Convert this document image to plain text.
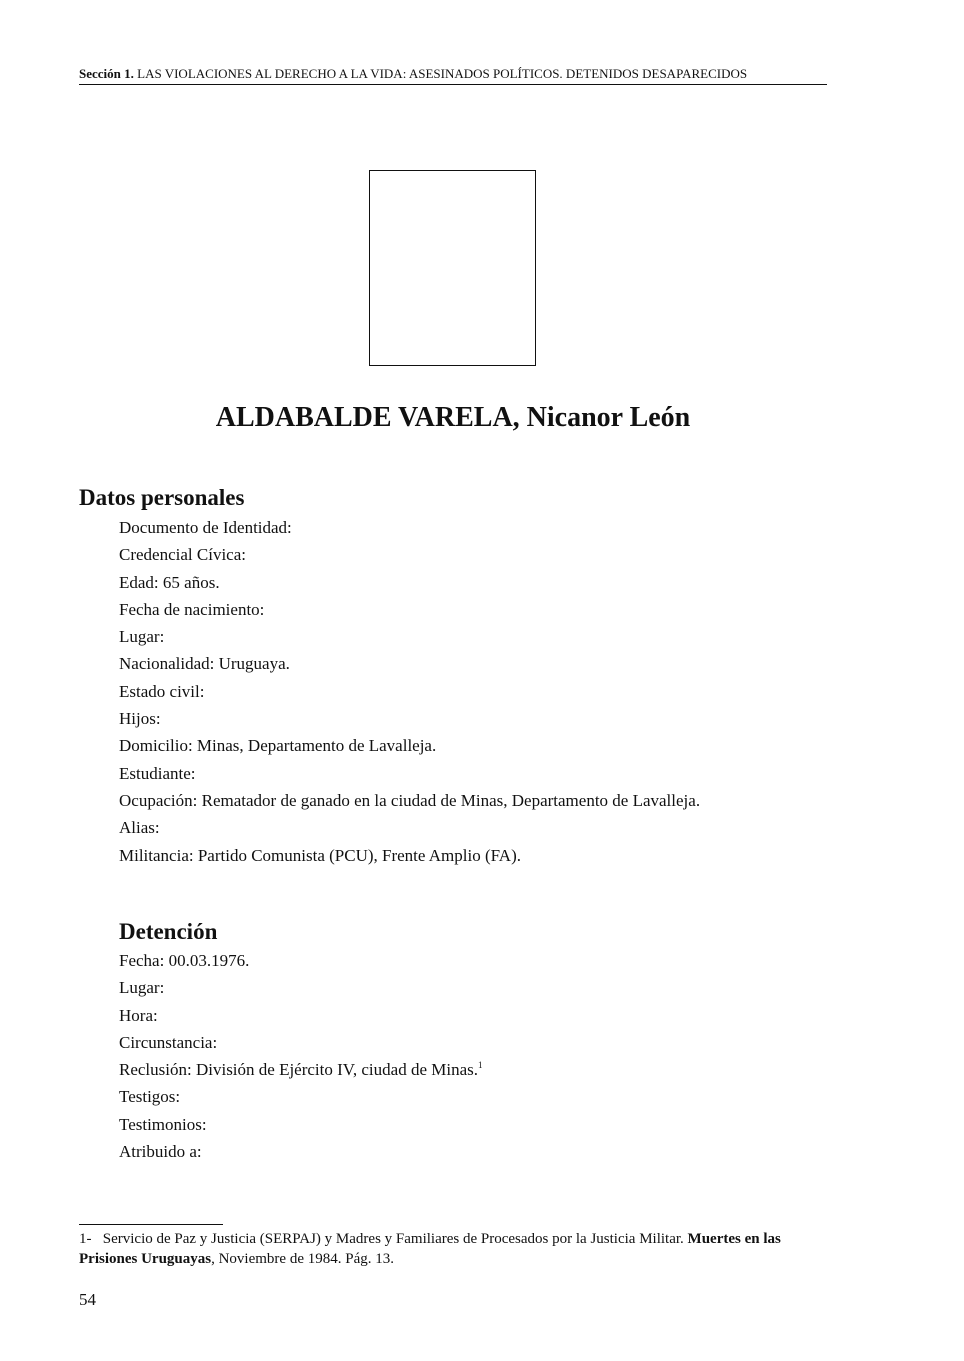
Sección 1. LAS VIOLACIONES AL DERECHO A LA VIDA: ASESINADOS POLÍTICOS. DETENIDOS DESAPARECIDOS
ALDABALDE VARELA, Nicanor León
Datos personales
Documento de Identidad:
Credencial Cívica:
Edad: 65 años.
Fecha de nacimiento:
Lugar:
Nacionalidad: Uruguaya.
Estado civil:
Hijos:
Domicilio: Minas, Departamento de Lavalleja.
Estudiante:
Ocupación: Rematador de ganado en la ciudad de Minas, Departamento de Lavalleja.
Alias:
Militancia: Partido Comunista (PCU), Frente Amplio (FA).
Detención
Fecha: 00.03.1976.
Lugar:
Hora:
Circunstancia:
Reclusión: División de Ejército IV, ciudad de Minas.$^1$
Testigos:
Testimonios:
Atribuido a:
1- Servicio de Paz y Justicia (SERPAJ) y Madres y Familiares de Procesados por la Justicia Militar. Muertes en las Prisiones Uruguayas, Noviembre de 1984. Pág. 13.
54
